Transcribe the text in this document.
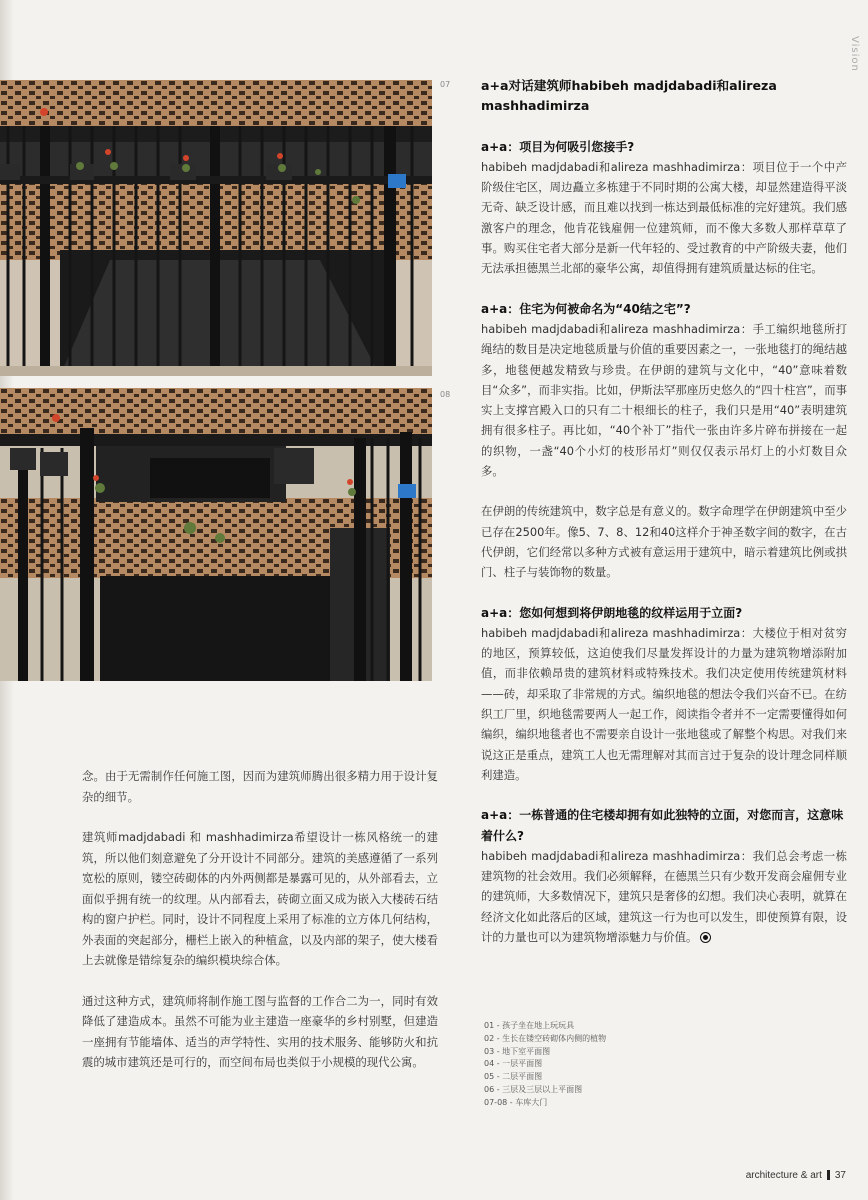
Vision
07
08

念。由于无需制作任何施工图，因而为建筑师腾出很多精力用于设计复杂的细节。

建筑师madjdabadi 和 mashhadimirza希望设计一栋风格统一的建筑，所以他们刻意避免了分开设计不同部分。建筑的美感遵循了一系列宽松的原则，镂空砖砌体的内外两侧都是暴露可见的，从外部看去，立面似乎拥有统一的纹理。从内部看去，砖砌立面又成为嵌入大楼砖石结构的窗户护栏。同时，设计不同程度上采用了标准的立方体几何结构，外表面的突起部分，栅栏上嵌入的种植盒，以及内部的架子，使大楼看上去就像是错综复杂的编织模块综合体。

通过这种方式，建筑师将制作施工图与监督的工作合二为一，同时有效降低了建造成本。虽然不可能为业主建造一座豪华的乡村别墅，但建造一座拥有节能墙体、适当的声学特性、实用的技术服务、能够防火和抗震的城市建筑还是可行的，而空间布局也类似于小规模的现代公寓。

a+a对话建筑师habibeh madjdabadi和alireza mashhadimirza

a+a：项目为何吸引您接手?

habibeh madjdabadi和alireza mashhadimirza：项目位于一个中产阶级住宅区，周边矗立多栋建于不同时期的公寓大楼，却显然建造得平淡无奇、缺乏设计感，而且难以找到一栋达到最低标准的完好建筑。我们感激客户的理念，他肯花钱雇佣一位建筑师，而不像大多数人那样草草了事。购买住宅者大部分是新一代年轻的、受过教育的中产阶级夫妻，他们无法承担德黑兰北部的豪华公寓，却值得拥有建筑质量达标的住宅。

a+a：住宅为何被命名为“40结之宅”?

habibeh madjdabadi和alireza mashhadimirza：手工编织地毯所打绳结的数目是决定地毯质量与价值的重要因素之一，一张地毯打的绳结越多，地毯便越发精致与珍贵。在伊朗的建筑与文化中，“40”意味着数目“众多”，而非实指。比如，伊斯法罕那座历史悠久的“四十柱宫”，而事实上支撑宫殿入口的只有二十根细长的柱子，我们只是用“40”表明建筑拥有很多柱子。再比如，“40个补丁”指代一张由许多片碎布拼接在一起的织物，一盏“40个小灯的枝形吊灯”则仅仅表示吊灯上的小灯数目众多。

在伊朗的传统建筑中，数字总是有意义的。数字命理学在伊朗建筑中至少已存在2500年。像5、7、8、12和40这样介于神圣数字间的数字，在古代伊朗，它们经常以多种方式被有意运用于建筑中，暗示着建筑比例或拱门、柱子与装饰物的数量。

a+a：您如何想到将伊朗地毯的纹样运用于立面?

habibeh madjdabadi和alireza mashhadimirza：大楼位于相对贫穷的地区，预算较低，这迫使我们尽量发挥设计的力量为建筑物增添附加值，而非依赖昂贵的建筑材料或特殊技术。我们决定使用传统建筑材料——砖，却采取了非常规的方式。编织地毯的想法令我们兴奋不已。在纺织工厂里，织地毯需要两人一起工作，阅读指令者并不一定需要懂得如何编织，编织地毯者也不需要亲自设计一张地毯或了解整个构思。对我们来说这正是重点，建筑工人也无需理解对其而言过于复杂的设计理念同样顺利建造。

a+a：一栋普通的住宅楼却拥有如此独特的立面，对您而言，这意味着什么?

habibeh madjdabadi和alireza mashhadimirza：我们总会考虑一栋建筑物的社会效用。我们必须解释，在德黑兰只有少数开发商会雇佣专业的建筑师，大多数情况下，建筑只是奢侈的幻想。我们决心表明，就算在经济文化如此落后的区域，建筑这一行为也可以发生，即使预算有限，设计的力量也可以为建筑物增添魅力与价值。

01 - 孩子坐在地上玩玩具
02 - 生长在镂空砖砌体内侧的植物
03 - 地下室平面图
04 - 一层平面图
05 - 二层平面图
06 - 三层及三层以上平面图
07-08 - 车库大门
architecture & art 37
